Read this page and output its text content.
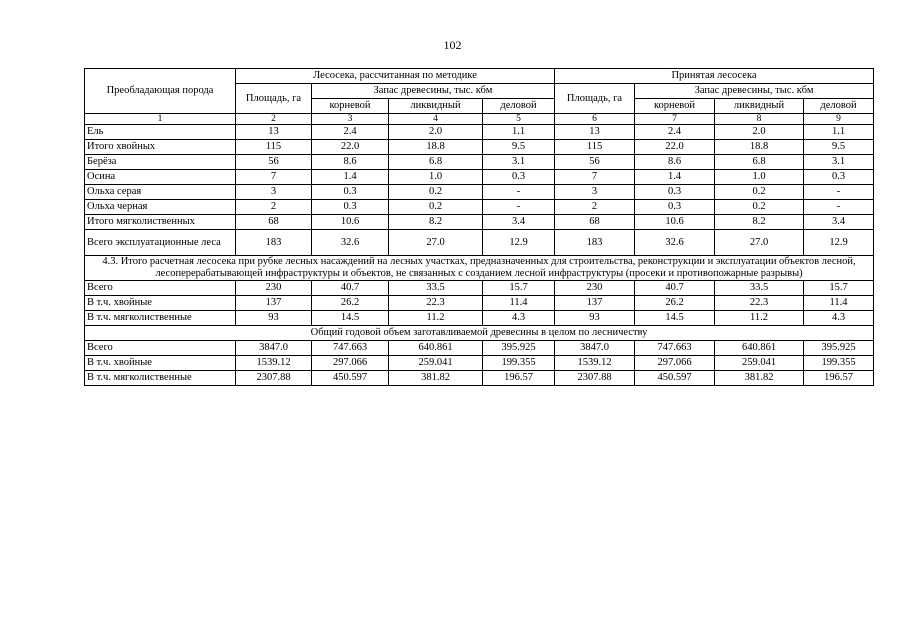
102
Преобладающая порода	Лесосека, рассчитанная по методике				Принятая лесосека			
	Площадь, га	Запас древесины, тыс. кбм			Площадь, га	Запас древесины, тыс. кбм		
		корневой	ликвидный	деловой		корневой	ликвидный	деловой
1	2	3	4	5	6	7	8	9
Ель	13	2.4	2.0	1.1	13	2.4	2.0	1.1
Итого хвойных	115	22.0	18.8	9.5	115	22.0	18.8	9.5
Берёза	56	8.6	6.8	3.1	56	8.6	6.8	3.1
Осина	7	1.4	1.0	0.3	7	1.4	1.0	0.3
Ольха серая	3	0.3	0.2	-	3	0.3	0.2	-
Ольха черная	2	0.3	0.2	-	2	0.3	0.2	-
Итого мягколиственных	68	10.6	8.2	3.4	68	10.6	8.2	3.4
Всего эксплуатационные леса	183	32.6	27.0	12.9	183	32.6	27.0	12.9
4.3. Итого расчетная лесосека при рубке лесных насаждений на лесных участках, предназначенных для строительства, реконструкции и эксплуатации объектов лесной, лесоперерабатывающей инфраструктуры и объектов, не связанных с созданием лесной инфраструктуры (просеки и противопожарные разрывы)								
Всего	230	40.7	33.5	15.7	230	40.7	33.5	15.7
В т.ч. хвойные	137	26.2	22.3	11.4	137	26.2	22.3	11.4
В т.ч. мягколиственные	93	14.5	11.2	4.3	93	14.5	11.2	4.3
Общий годовой объем заготавливаемой древесины в целом по лесничеству								
Всего	3847.0	747.663	640.861	395.925	3847.0	747.663	640.861	395.925
В т.ч. хвойные	1539.12	297.066	259.041	199.355	1539.12	297.066	259.041	199.355
В т.ч. мягколиственные	2307.88	450.597	381.82	196.57	2307.88	450.597	381.82	196.57
